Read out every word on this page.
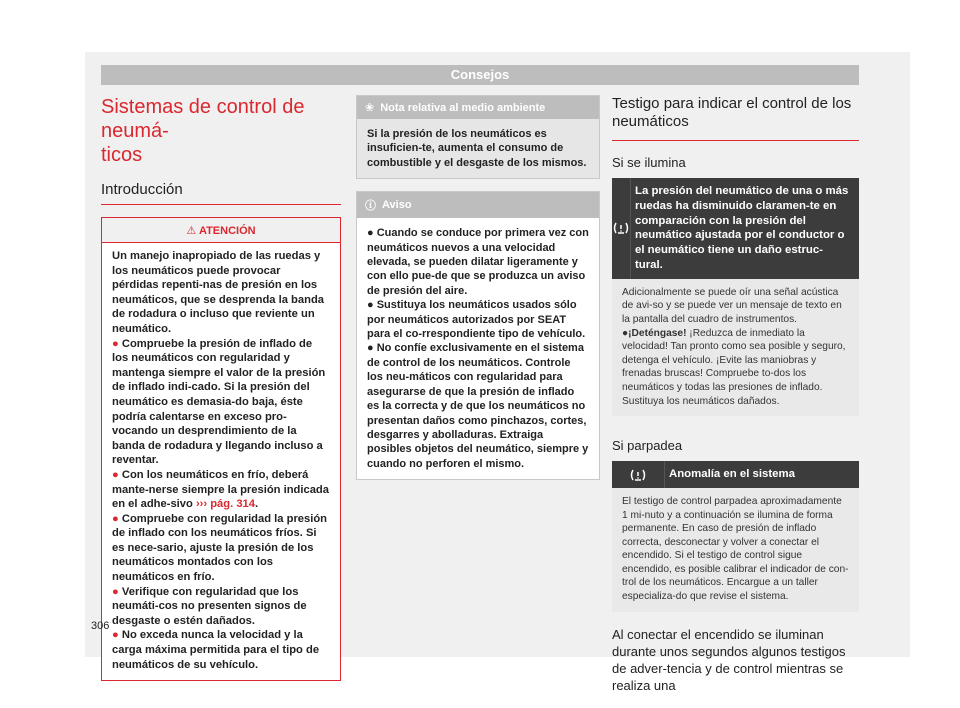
Consejos
Sistemas de control de neumá-
ticos
Introducción
⚠ ATENCIÓN
Un manejo inapropiado de las ruedas y los neumáticos puede provocar pérdidas repenti-nas de presión en los neumáticos, que se desprenda la banda de rodadura o incluso que reviente un neumático.
● Compruebe la presión de inflado de los neumáticos con regularidad y mantenga siempre el valor de la presión de inflado indi-cado. Si la presión del neumático es demasia-do baja, éste podría calentarse en exceso pro-vocando un desprendimiento de la banda de rodadura y llegando incluso a reventar.
● Con los neumáticos en frío, deberá mante-nerse siempre la presión indicada en el adhe-sivo ››› pág. 314.
● Compruebe con regularidad la presión de inflado con los neumáticos fríos. Si es nece-sario, ajuste la presión de los neumáticos montados con los neumáticos en frío.
● Verifique con regularidad que los neumáti-cos no presenten signos de desgaste o estén dañados.
● No exceda nunca la velocidad y la carga máxima permitida para el tipo de neumáticos de su vehículo.
❀ Nota relativa al medio ambiente
Si la presión de los neumáticos es insuficien-te, aumenta el consumo de combustible y el desgaste de los mismos.
ⓘ Aviso
● Cuando se conduce por primera vez con neumáticos nuevos a una velocidad elevada, se pueden dilatar ligeramente y con ello pue-de que se produzca un aviso de presión del aire.
● Sustituya los neumáticos usados sólo por neumáticos autorizados por SEAT para el co-rrespondiente tipo de vehículo.
● No confíe exclusivamente en el sistema de control de los neumáticos. Controle los neu-máticos con regularidad para asegurarse de que la presión de inflado es la correcta y de que los neumáticos no presentan daños como pinchazos, cortes, desgarres y abolladuras. Extraiga posibles objetos del neumático, siempre y cuando no perforen el mismo.
Testigo para indicar el control de los neumáticos
Si se ilumina
La presión del neumático de una o más ruedas ha disminuido claramen-te en comparación con la presión del neumático ajustada por el conductor o el neumático tiene un daño estruc-tural.
Adicionalmente se puede oír una señal acústica de avi-so y se puede ver un mensaje de texto en la pantalla del cuadro de instrumentos.
●¡Deténgase! ¡Reduzca de inmediato la velocidad! Tan pronto como sea posible y seguro, detenga el vehículo. ¡Evite las maniobras y frenadas bruscas! Compruebe to-dos los neumáticos y todas las presiones de inflado. Sustituya los neumáticos dañados.
Si parpadea
Anomalía en el sistema
El testigo de control parpadea aproximadamente 1 mi-nuto y a continuación se ilumina de forma permanente. En caso de presión de inflado correcta, desconectar y volver a conectar el encendido. Si el testigo de control sigue encendido, es posible calibrar el indicador de con-trol de los neumáticos. Encargue a un taller especializa-do que revise el sistema.
Al conectar el encendido se iluminan durante unos segundos algunos testigos de adver-tencia y de control mientras se realiza una
306
